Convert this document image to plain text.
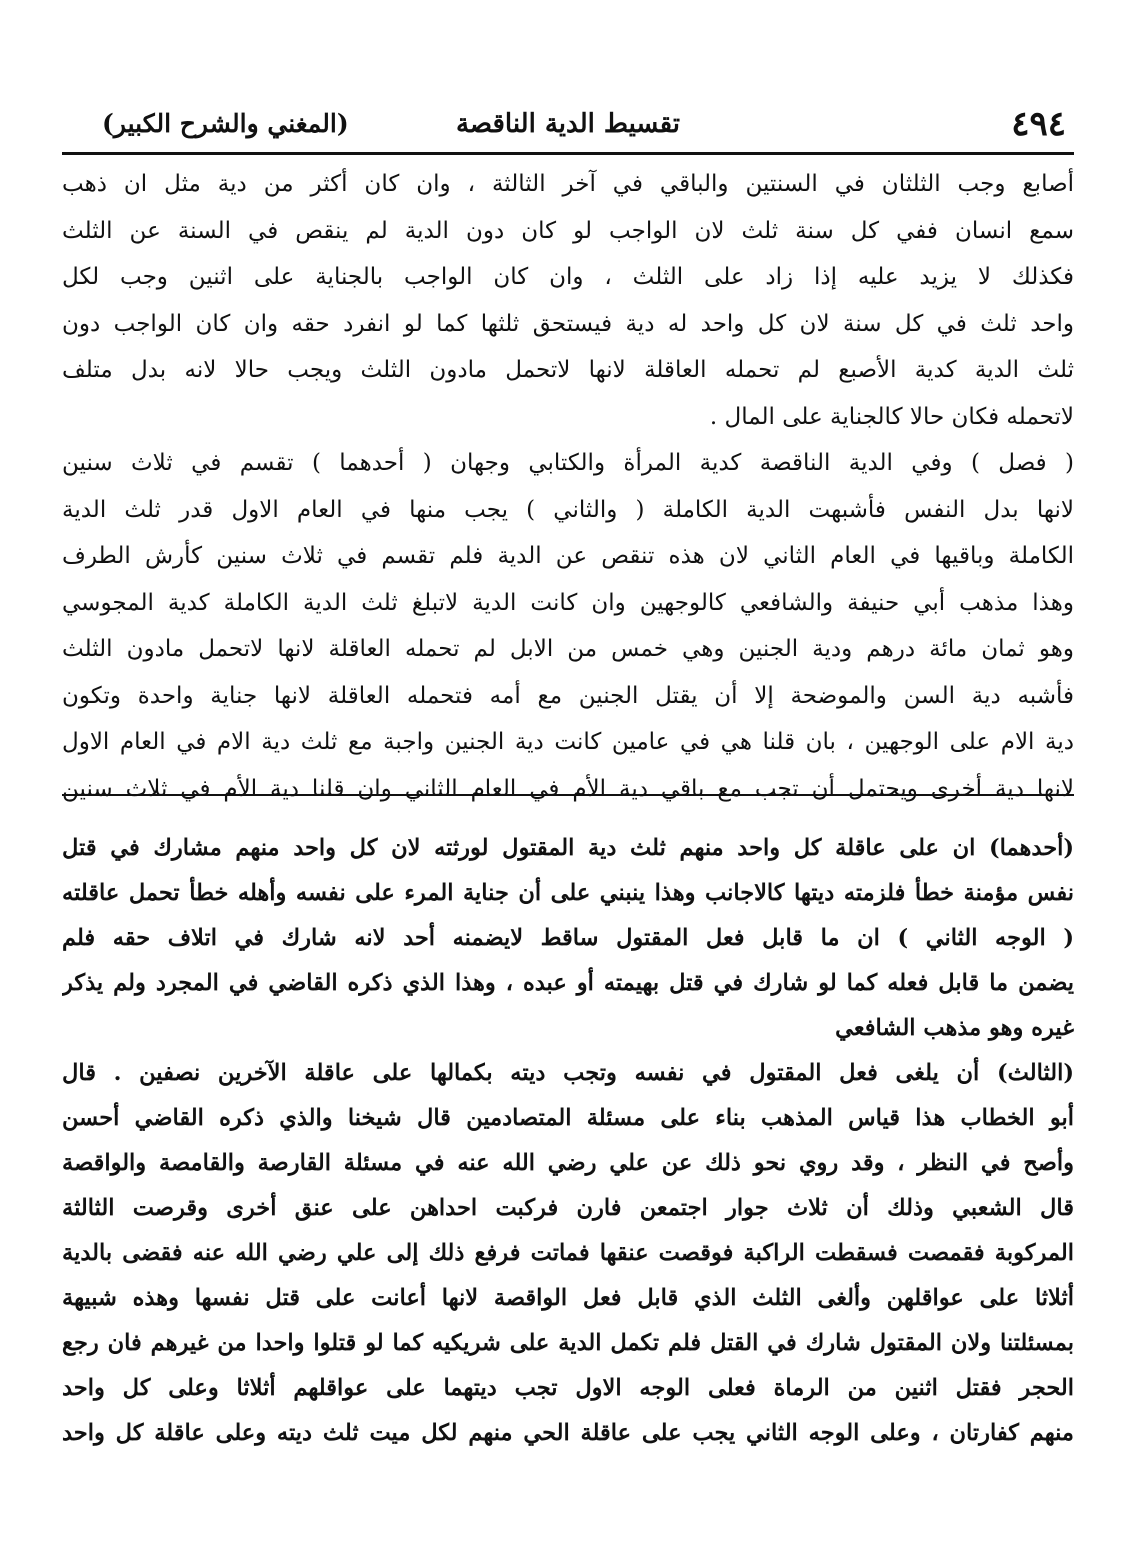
٤٩٤
تقسيط الدية الناقصة
(المغني والشرح الكبير)
أصابع وجب الثلثان في السنتين والباقي في آخر الثالثة ، وان كان أكثر من دية مثل ان ذهب
سمع انسان ففي كل سنة ثلث لان الواجب لو كان دون الدية لم ينقص في السنة عن الثلث
فكذلك لا يزيد عليه إذا زاد على الثلث ، وان كان الواجب بالجناية على اثنين وجب لكل
واحد ثلث في كل سنة لان كل واحد له دية فيستحق ثلثها كما لو انفرد حقه وان كان الواجب دون
ثلث الدية كدية الأصبع لم تحمله العاقلة لانها لاتحمل مادون الثلث ويجب حالا لانه بدل متلف
لاتحمله فكان حالا كالجناية على المال .
( فصل ) وفي الدية الناقصة كدية المرأة والكتابي وجهان ( أحدهما ) تقسم في ثلاث سنين
لانها بدل النفس فأشبهت الدية الكاملة ( والثاني ) يجب منها في العام الاول قدر ثلث الدية
الكاملة وباقيها في العام الثاني لان هذه تنقص عن الدية فلم تقسم في ثلاث سنين كأرش الطرف
وهذا مذهب أبي حنيفة والشافعي كالوجهين وان كانت الدية لاتبلغ ثلث الدية الكاملة كدية المجوسي
وهو ثمان مائة درهم ودية الجنين وهي خمس من الابل لم تحمله العاقلة لانها لاتحمل مادون الثلث
فأشبه دية السن والموضحة إلا أن يقتل الجنين مع أمه فتحمله العاقلة لانها جناية واحدة وتكون
دية الام على الوجهين ، بان قلنا هي في عامين كانت دية الجنين واجبة مع ثلث دية الام في العام الاول
لانها دية أخرى ويحتمل أن تجب مع باقي دية الأم في العام الثاني وان قلنا دية الأم في ثلاث سنين
(أحدهما) ان على عاقلة كل واحد منهم ثلث دية المقتول لورثته لان كل واحد منهم مشارك في قتل
نفس مؤمنة خطأ فلزمته ديتها كالاجانب وهذا ينبني على أن جناية المرء على نفسه وأهله خطأ تحمل عاقلته
( الوجه الثاني ) ان ما قابل فعل المقتول ساقط لايضمنه أحد لانه شارك في اتلاف حقه فلم
يضمن ما قابل فعله كما لو شارك في قتل بهيمته أو عبده ، وهذا الذي ذكره القاضي في المجرد ولم يذكر
غيره وهو مذهب الشافعي
(الثالث) أن يلغى فعل المقتول في نفسه وتجب ديته بكمالها على عاقلة الآخرين نصفين . قال
أبو الخطاب هذا قياس المذهب بناء على مسئلة المتصادمين قال شيخنا والذي ذكره القاضي أحسن
وأصح في النظر ، وقد روي نحو ذلك عن علي رضي الله عنه في مسئلة القارصة والقامصة والواقصة
قال الشعبي وذلك أن ثلاث جوار اجتمعن فارن فركبت احداهن على عنق أخرى وقرصت الثالثة
المركوبة فقمصت فسقطت الراكبة فوقصت عنقها فماتت فرفع ذلك إلى علي رضي الله عنه فقضى بالدية
أثلاثا على عواقلهن وألغى الثلث الذي قابل فعل الواقصة لانها أعانت على قتل نفسها وهذه شبيهة
بمسئلتنا ولان المقتول شارك في القتل فلم تكمل الدية على شريكيه كما لو قتلوا واحدا من غيرهم فان رجع
الحجر فقتل اثنين من الرماة فعلى الوجه الاول تجب ديتهما على عواقلهم أثلاثا وعلى كل واحد
منهم كفارتان ، وعلى الوجه الثاني يجب على عاقلة الحي منهم لكل ميت ثلث ديته وعلى عاقلة كل واحد
